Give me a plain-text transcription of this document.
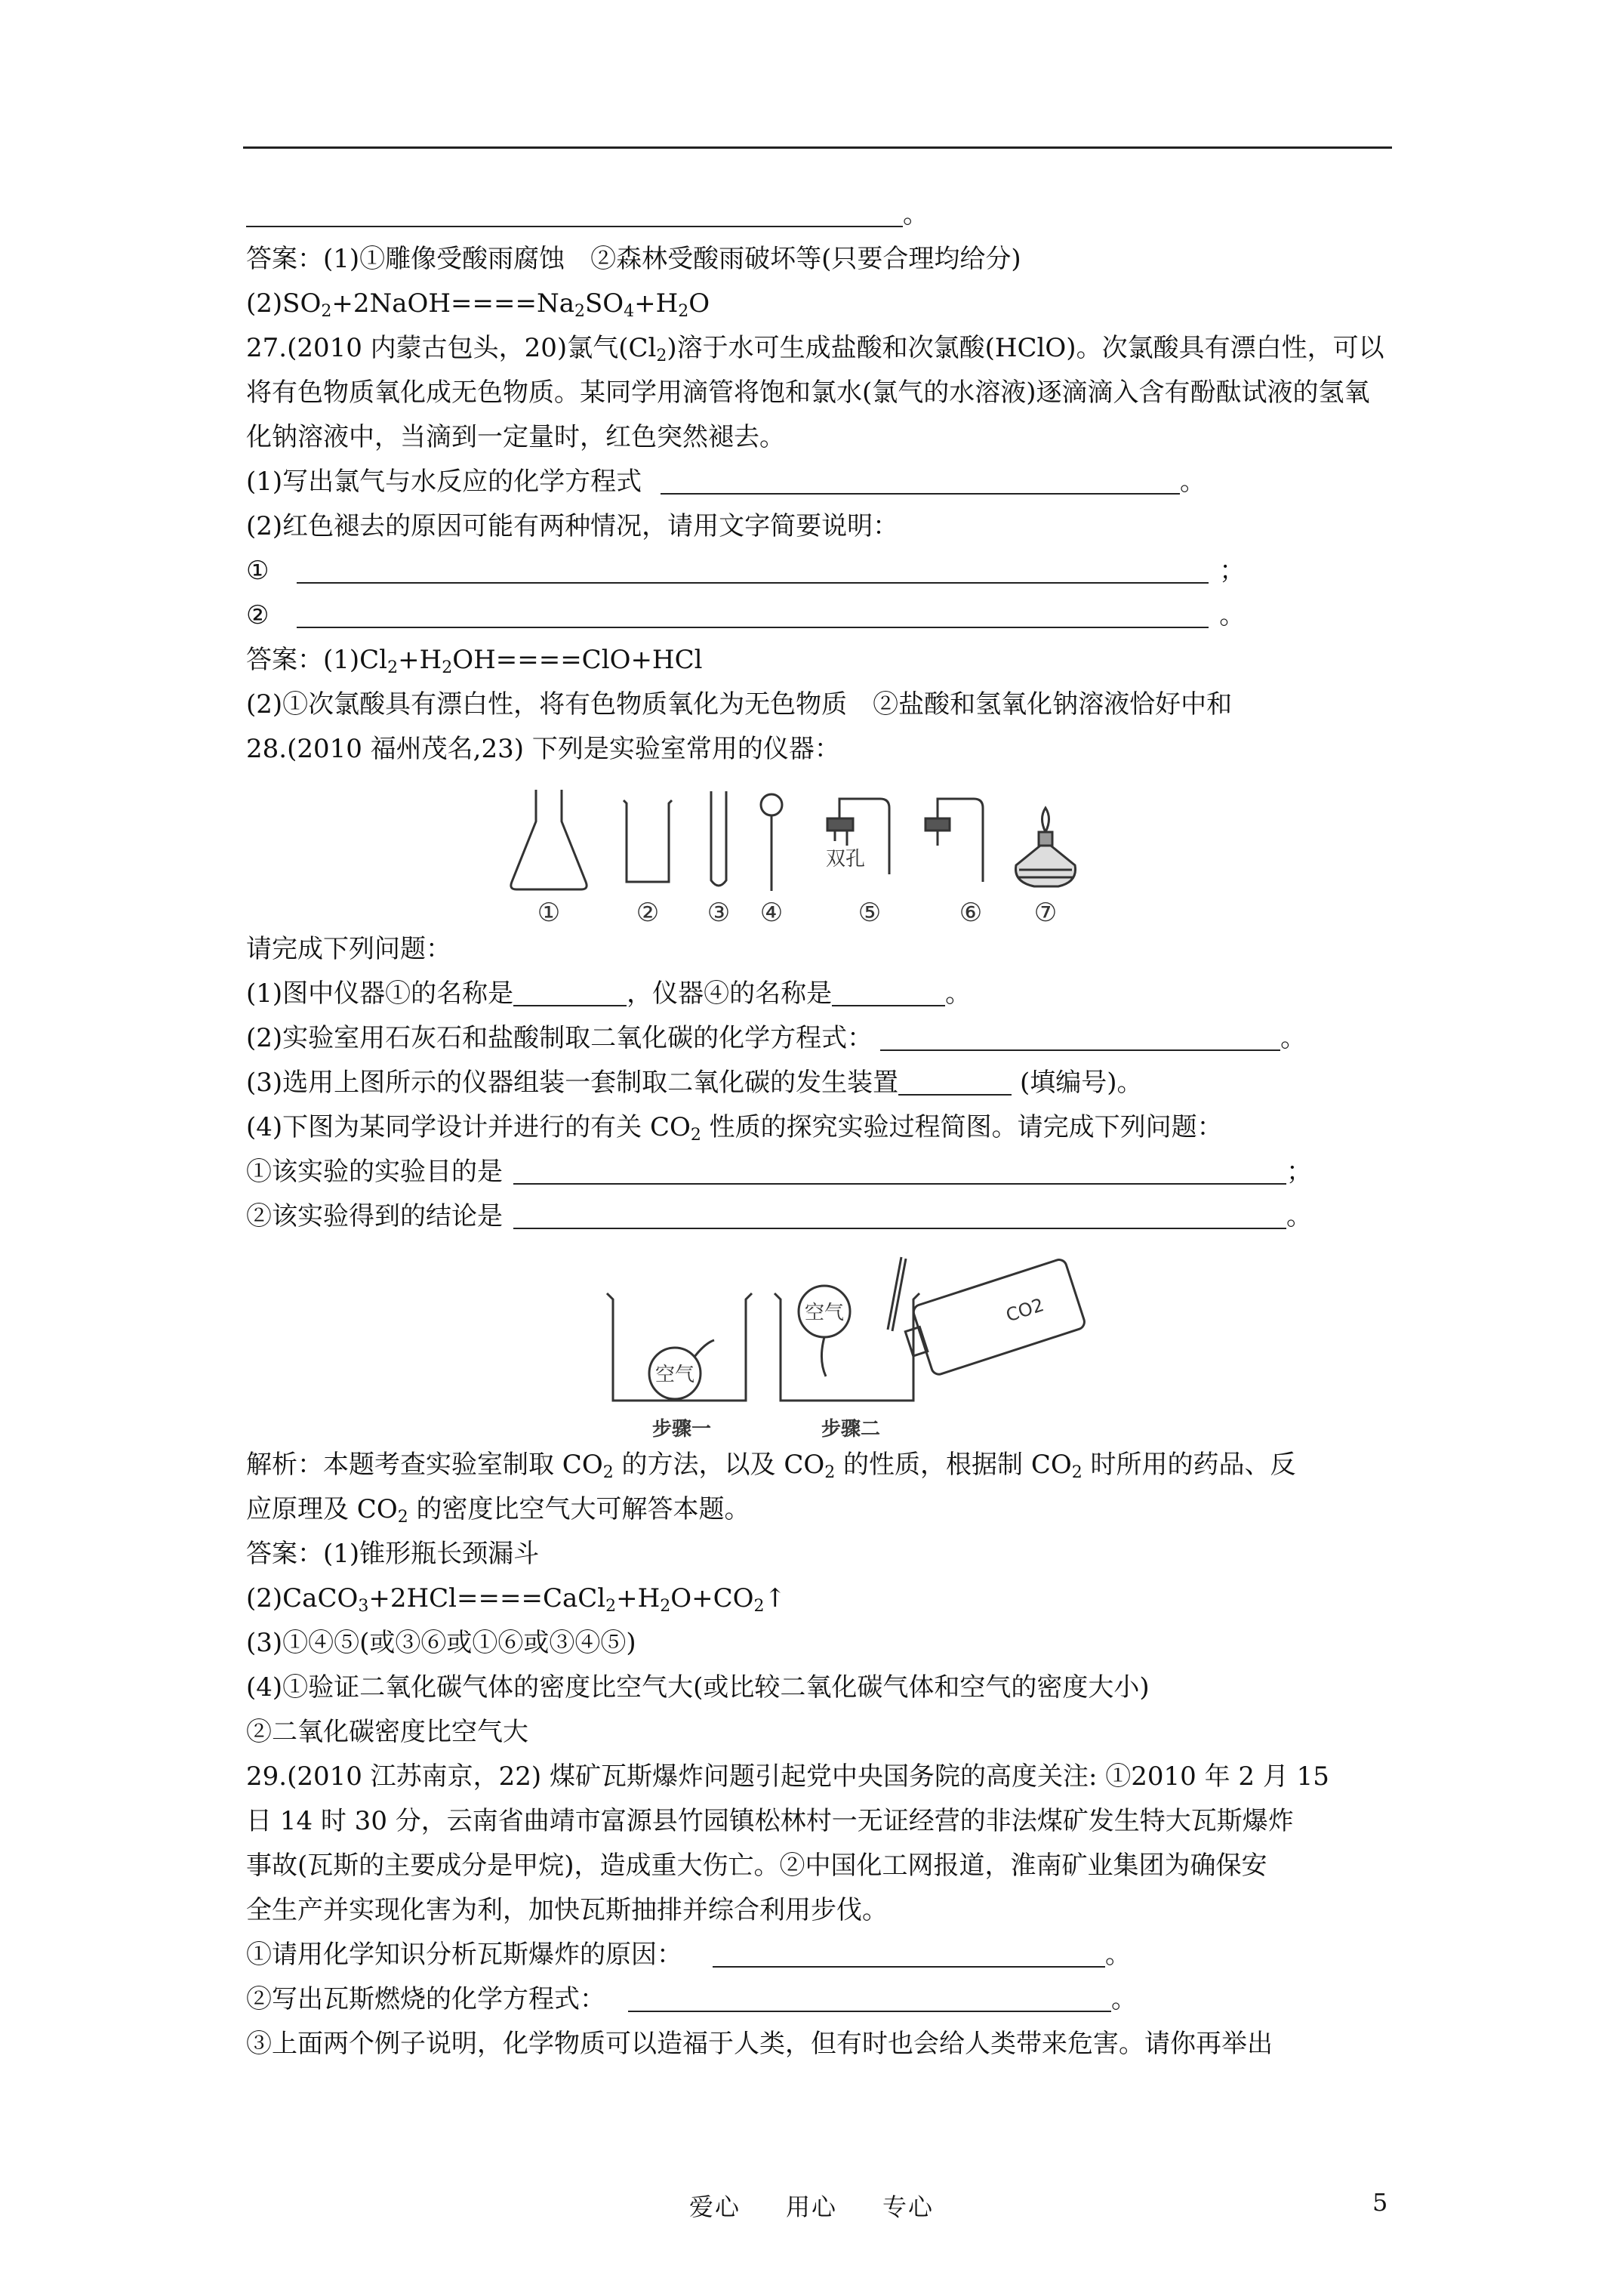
。
答案：(1)①雕像受酸雨腐蚀　②森林受酸雨破坏等(只要合理均给分)
$(2)SO_2+2NaOH====Na_2SO_4+H_2O$
27.(2010 内蒙古包头，20)氯气$(Cl_2)$溶于水可生成盐酸和次氯酸(HClO)。次氯酸具有漂白性，可以将有色物质氧化成无色物质。某同学用滴管将饱和氯水(氯气的水溶液)逐滴滴入含有酚酞试液的氢氧化钠溶液中，当滴到一定量时，红色突然褪去。
(1)写出氯气与水反应的化学方程式	。
(2)红色褪去的原因可能有两种情况，请用文字简要说明：
①	；
②	。
答案：$(1)Cl_2+H_2OH====ClO+HCl$
(2)①次氯酸具有漂白性，将有色物质氧化为无色物质　②盐酸和氢氧化钠溶液恰好中和
28.(2010 福州茂名,23) 下列是实验室常用的仪器：
双孔
①	② ③ ④	⑤	⑥ ⑦
请完成下列问题：
(1)图中仪器①的名称是	，仪器④的名称是	。
(2)实验室用石灰石和盐酸制取二氧化碳的化学方程式：	。
(3)选用上图所示的仪器组装一套制取二氧化碳的发生装置	(填编号)。
(4)下图为某同学设计并进行的有关 $CO_2$ 性质的探究实验过程简图。请完成下列问题：
①该实验的实验目的是	；
②该实验得到的结论是	。
CO2
空气
空气
步骤一	步骤二
解析：本题考查实验室制取 $CO_2$ 的方法，以及 $CO_2$ 的性质，根据制 $CO_2$ 时所用的药品、反
应原理及 $CO_2$ 的密度比空气大可解答本题。
答案：(1)锥形瓶长颈漏斗
$(2)CaCO_3+2HCl====CaCl_2+H_2O+CO_2↑$
(3)①④⑤(或③⑥或①⑥或③④⑤)
(4)①验证二氧化碳气体的密度比空气大(或比较二氧化碳气体和空气的密度大小)
②二氧化碳密度比空气大
29.(2010 江苏南京，22) 煤矿瓦斯爆炸问题引起党中央国务院的高度关注: ①2010 年 2 月 15
日 14 时 30 分，云南省曲靖市富源县竹园镇松林村一无证经营的非法煤矿发生特大瓦斯爆炸
事故(瓦斯的主要成分是甲烷)，造成重大伤亡。②中国化工网报道，淮南矿业集团为确保安
全生产并实现化害为利，加快瓦斯抽排并综合利用步伐。
①请用化学知识分析瓦斯爆炸的原因：	。
②写出瓦斯燃烧的化学方程式：	。
③上面两个例子说明，化学物质可以造福于人类，但有时也会给人类带来危害。请你再举出
爱心 用心 专心	5
